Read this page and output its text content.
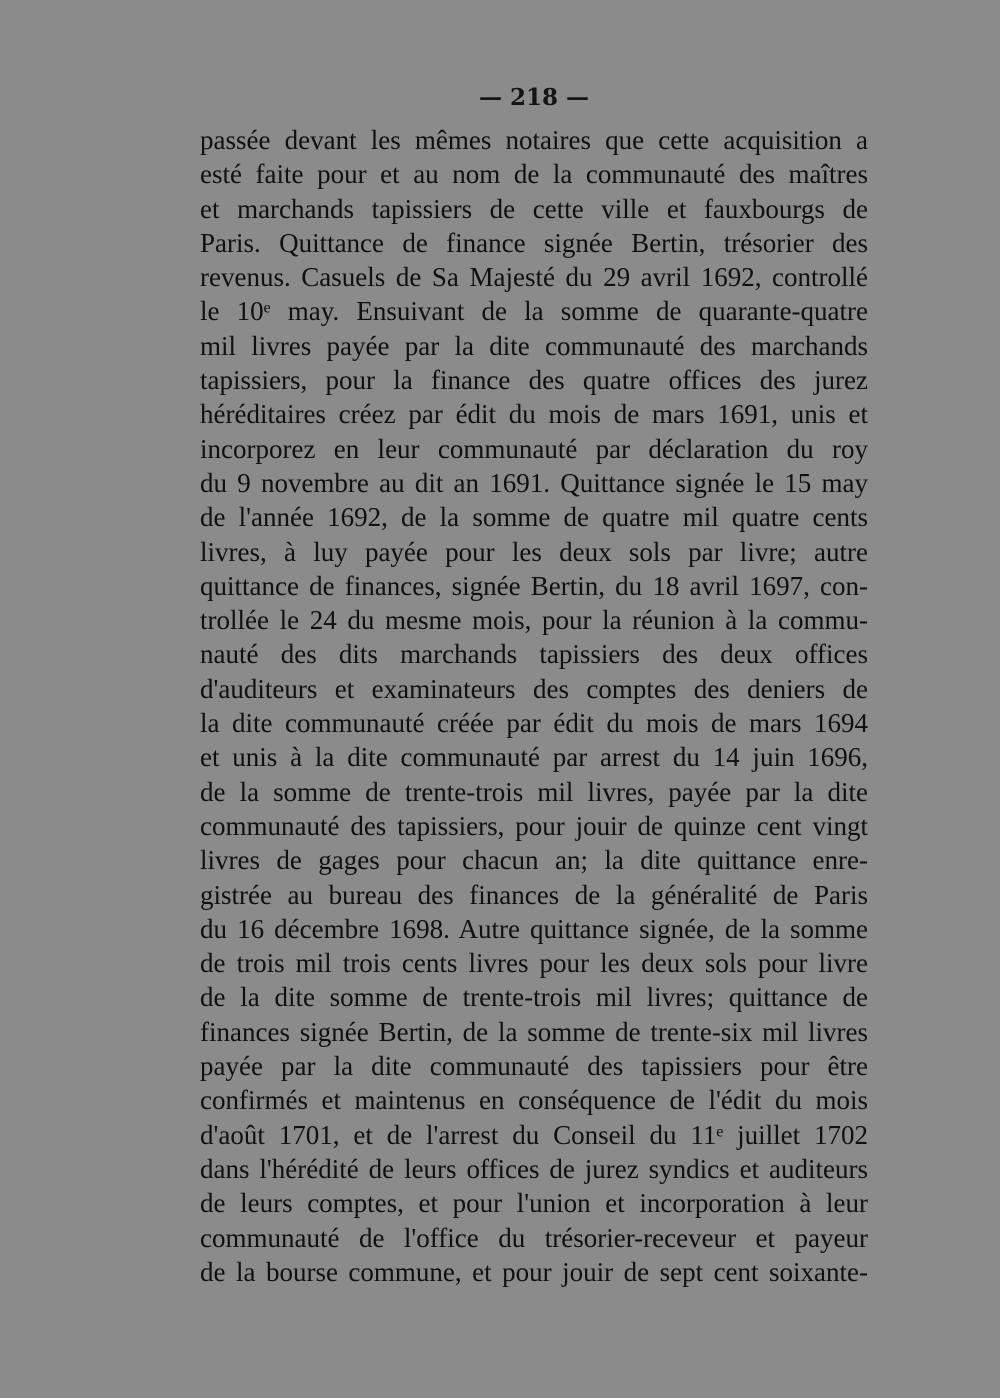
— 218 —
passée devant les mêmes notaires que cette acquisition a
esté faite pour et au nom de la communauté des maîtres
et marchands tapissiers de cette ville et fauxbourgs de
Paris. Quittance de finance signée Bertin, trésorier des
revenus. Casuels de Sa Majesté du 29 avril 1692, controllé
le 10ᵉ may. Ensuivant de la somme de quarante-quatre
mil livres payée par la dite communauté des marchands
tapissiers, pour la finance des quatre offices des jurez
héréditaires créez par édit du mois de mars 1691, unis et
incorporez en leur communauté par déclaration du roy
du 9 novembre au dit an 1691. Quittance signée le 15 may
de l'année 1692, de la somme de quatre mil quatre cents
livres, à luy payée pour les deux sols par livre; autre
quittance de finances, signée Bertin, du 18 avril 1697, con-
trollée le 24 du mesme mois, pour la réunion à la commu-
nauté des dits marchands tapissiers des deux offices
d'auditeurs et examinateurs des comptes des deniers de
la dite communauté créée par édit du mois de mars 1694
et unis à la dite communauté par arrest du 14 juin 1696,
de la somme de trente-trois mil livres, payée par la dite
communauté des tapissiers, pour jouir de quinze cent vingt
livres de gages pour chacun an; la dite quittance enre-
gistrée au bureau des finances de la généralité de Paris
du 16 décembre 1698. Autre quittance signée, de la somme
de trois mil trois cents livres pour les deux sols pour livre
de la dite somme de trente-trois mil livres; quittance de
finances signée Bertin, de la somme de trente-six mil livres
payée par la dite communauté des tapissiers pour être
confirmés et maintenus en conséquence de l'édit du mois
d'août 1701, et de l'arrest du Conseil du 11ᵉ juillet 1702
dans l'hérédité de leurs offices de jurez syndics et auditeurs
de leurs comptes, et pour l'union et incorporation à leur
communauté de l'office du trésorier-receveur et payeur
de la bourse commune, et pour jouir de sept cent soixante-
